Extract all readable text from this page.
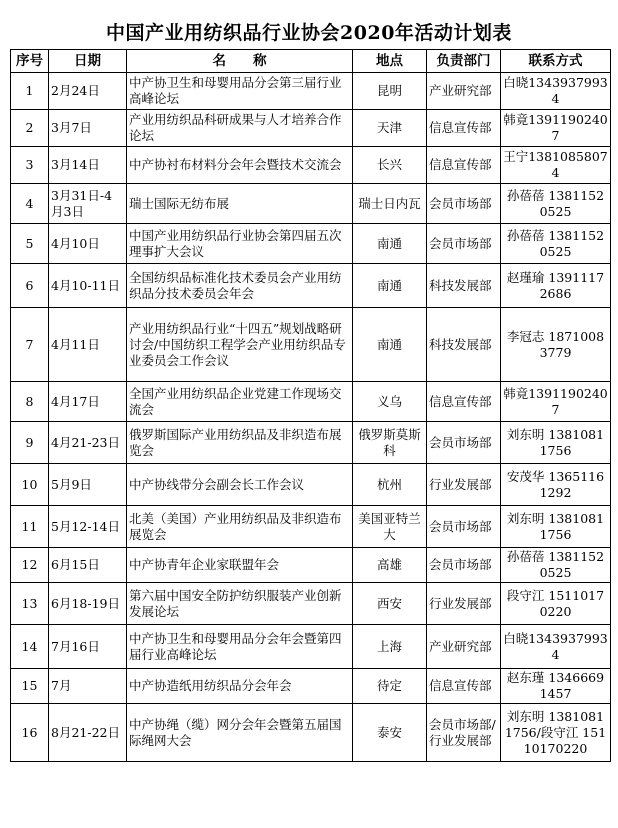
中国产业用纺织品行业协会2020年活动计划表
序号	日期	名　　称	地点	负责部门	联系方式
1	2月24日	中产协卫生和母婴用品分会第三届行业高峰论坛	昆明	产业研究部	白晓13439379934
2	3月7日	产业用纺织品科研成果与人才培养合作论坛	天津	信息宣传部	韩竟13911902407
3	3月14日	中产协衬布材料分会年会暨技术交流会	长兴	信息宣传部	王宁13810858074
4	3月31日-4月3日	瑞士国际无纺布展	瑞士日内瓦	会员市场部	孙蓓蓓 13811520525
5	4月10日	中国产业用纺织品行业协会第四届五次理事扩大会议	南通	会员市场部	孙蓓蓓 13811520525
6	4月10-11日	全国纺织品标准化技术委员会产业用纺织品分技术委员会年会	南通	科技发展部	赵瑾瑜 13911172686
7	4月11日	产业用纺织品行业“十四五”规划战略研讨会/中国纺织工程学会产业用纺织品专业委员会工作会议	南通	科技发展部	李冠志 18710083779
8	4月17日	全国产业用纺织品企业党建工作现场交流会	义乌	信息宣传部	韩竟13911902407
9	4月21-23日	俄罗斯国际产业用纺织品及非织造布展览会	俄罗斯莫斯科	会员市场部	刘东明 13810811756
10	5月9日	中产协线带分会副会长工作会议	杭州	行业发展部	安茂华 13651161292
11	5月12-14日	北美（美国）产业用纺织品及非织造布展览会	美国亚特兰大	会员市场部	刘东明 13810811756
12	6月15日	中产协青年企业家联盟年会	高雄	会员市场部	孙蓓蓓 13811520525
13	6月18-19日	第六届中国安全防护纺织服装产业创新发展论坛	西安	行业发展部	段守江 15110170220
14	7月16日	中产协卫生和母婴用品分会年会暨第四届行业高峰论坛	上海	产业研究部	白晓13439379934
15	7月	中产协造纸用纺织品分会年会	待定	信息宣传部	赵东瑾 13466691457
16	8月21-22日	中产协绳（缆）网分会年会暨第五届国际绳网大会	泰安	会员市场部/行业发展部	刘东明 13810811756/段守江 15110170220
